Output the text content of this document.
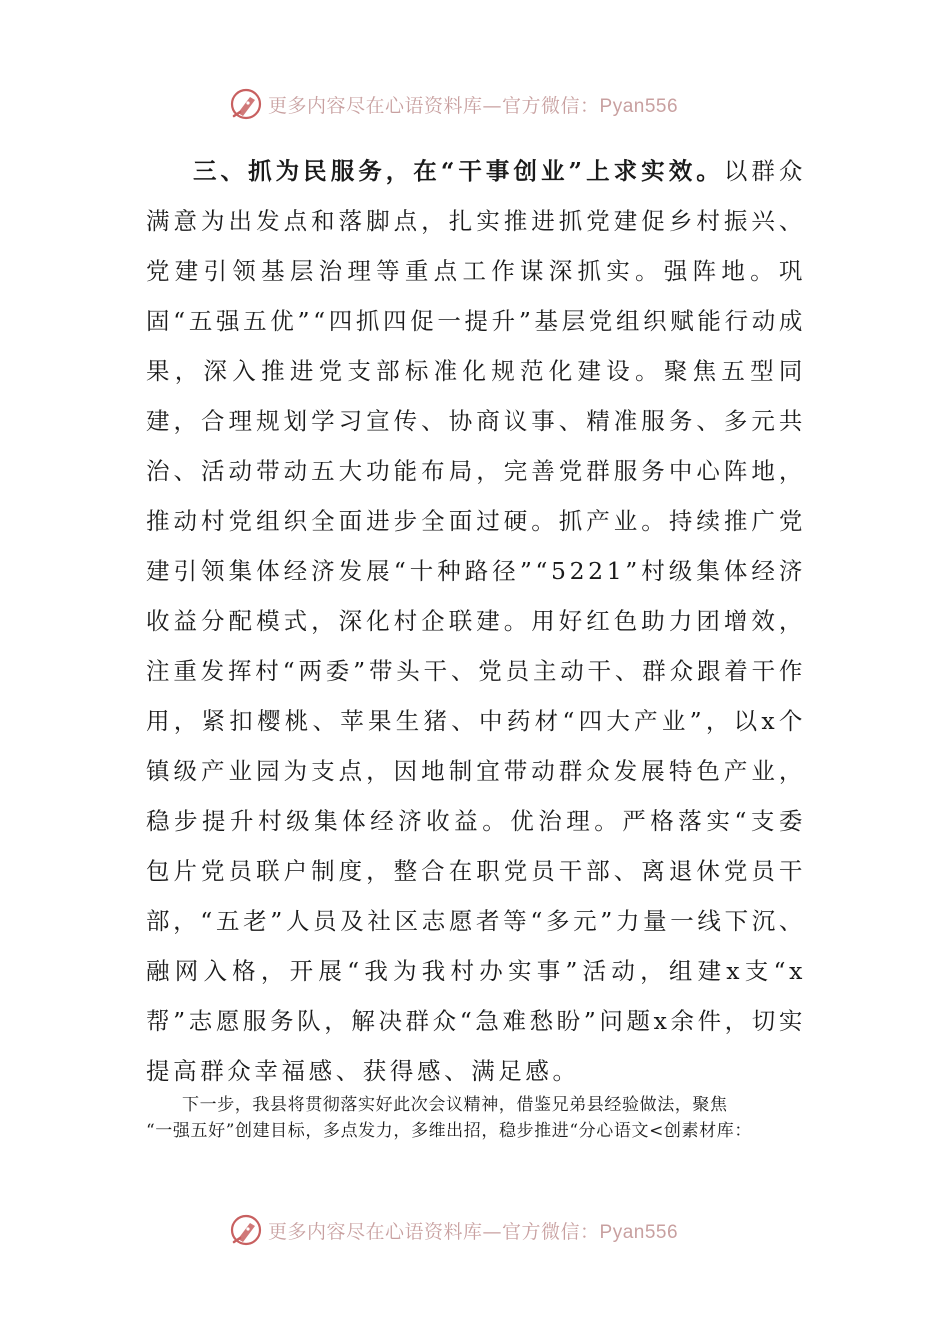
更多内容尽在心语资料库—官方微信：Pyan556

三、抓为民服务，在“干事创业”上求实效。以群众满意为出发点和落脚点，扎实推进抓党建促乡村振兴、党建引领基层治理等重点工作谋深抓实。强阵地。巩固“五强五优”“四抓四促一提升”基层党组织赋能行动成果，深入推进党支部标准化规范化建设。聚焦五型同建，合理规划学习宣传、协商议事、精准服务、多元共治、活动带动五大功能布局，完善党群服务中心阵地，推动村党组织全面进步全面过硬。抓产业。持续推广党建引领集体经济发展“十种路径”“5221”村级集体经济收益分配模式，深化村企联建。用好红色助力团增效，注重发挥村“两委”带头干、党员主动干、群众跟着干作用，紧扣樱桃、苹果生猪、中药材“四大产业”，以x个镇级产业园为支点，因地制宜带动群众发展特色产业，稳步提升村级集体经济收益。优治理。严格落实“支委包片党员联户制度，整合在职党员干部、离退休党员干部，“五老”人员及社区志愿者等“多元”力量一线下沉、融网入格，开展“我为我村办实事”活动，组建x支“x帮”志愿服务队，解决群众“急难愁盼”问题x余件，切实提高群众幸福感、获得感、满足感。

下一步，我县将贯彻落实好此次会议精神，借鉴兄弟县经验做法，聚焦
“一强五好”创建目标，多点发力，多维出招，稳步推进“分心语文<创素材库：

更多内容尽在心语资料库—官方微信：Pyan556
